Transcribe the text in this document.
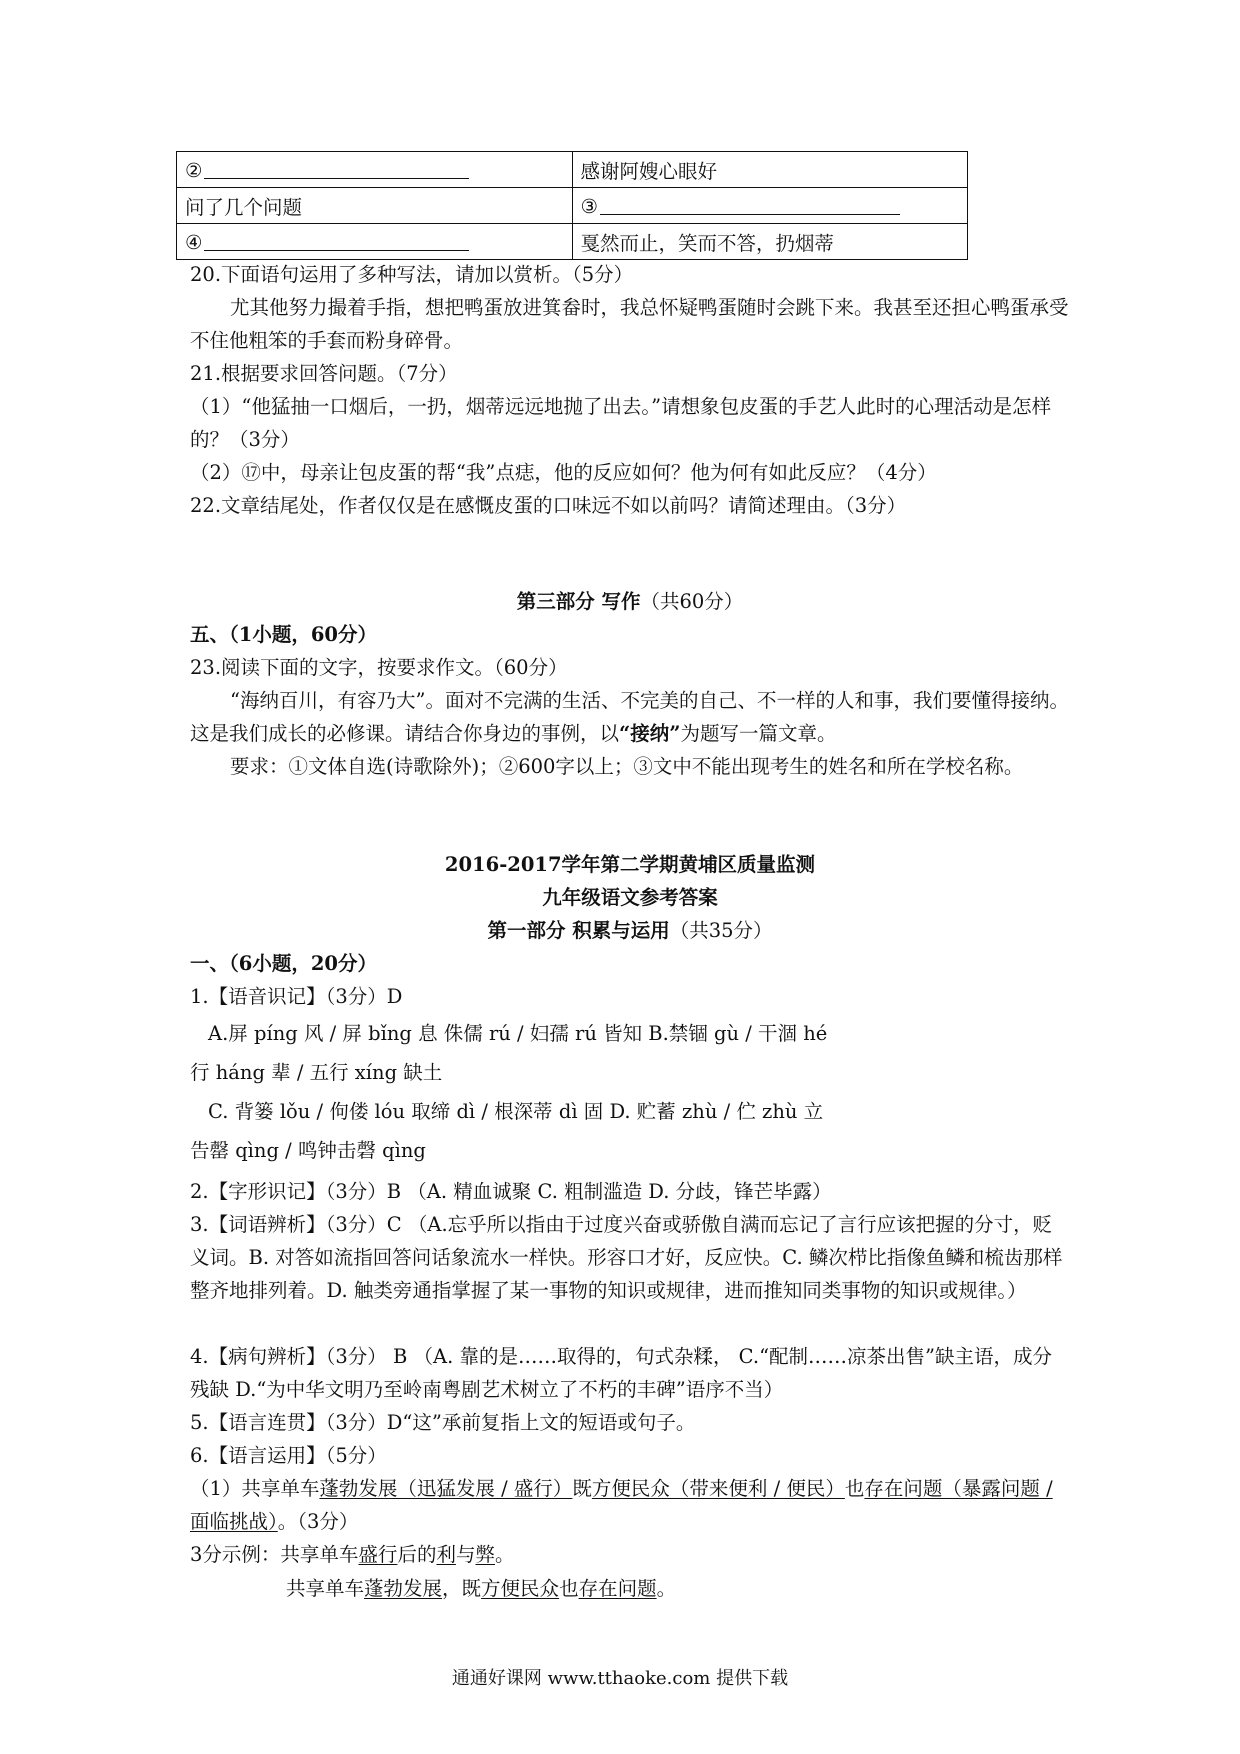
②	感谢阿嫂心眼好
问了几个问题	③
④	戛然而止，笑而不答，扔烟蒂
20.下面语句运用了多种写法，请加以赏析。（5分）
尤其他努力撮着手指，想把鸭蛋放进箕畚时，我总怀疑鸭蛋随时会跳下来。我甚至还担心鸭蛋承受不住他粗笨的手套而粉身碎骨。
21.根据要求回答问题。（7分）
（1）“他猛抽一口烟后，一扔，烟蒂远远地抛了出去。”请想象包皮蛋的手艺人此时的心理活动是怎样的？（3分）
（2）⑰中，母亲让包皮蛋的帮“我”点痣，他的反应如何？他为何有如此反应？（4分）
22.文章结尾处，作者仅仅是在感慨皮蛋的口味远不如以前吗？请简述理由。（3分）
第三部分 写作（共60分）
五、（1小题，60分）
23.阅读下面的文字，按要求作文。（60分）
“海纳百川，有容乃大”。面对不完满的生活、不完美的自己、不一样的人和事，我们要懂得接纳。这是我们成长的必修课。请结合你身边的事例，以“接纳”为题写一篇文章。
要求：①文体自选(诗歌除外)；②600字以上；③文中不能出现考生的姓名和所在学校名称。
2016-2017学年第二学期黄埔区质量监测
九年级语文参考答案
第一部分 积累与运用（共35分）
一、（6小题，20分）
1.【语音识记】（3分）D
A.屏 píng 风 / 屏 bǐng 息 侏儒 rú / 妇孺 rú 皆知 B.禁锢 gù / 干涸 hé
行 háng 辈 / 五行 xíng 缺土
C. 背篓 lǒu / 佝偻 lóu 取缔 dì / 根深蒂 dì 固 D. 贮蓄 zhù / 伫 zhù 立
告罄 qìng / 鸣钟击磬 qìng
2.【字形识记】（3分）B （A. 精血诚聚 C. 粗制滥造 D. 分歧，锋芒毕露）
3.【词语辨析】（3分）C （A.忘乎所以指由于过度兴奋或骄傲自满而忘记了言行应该把握的分寸，贬义词。B. 对答如流指回答问话象流水一样快。形容口才好，反应快。C. 鳞次栉比指像鱼鳞和梳齿那样整齐地排列着。D. 触类旁通指掌握了某一事物的知识或规律，进而推知同类事物的知识或规律。）
4.【病句辨析】（3分） B （A. 靠的是……取得的，句式杂糅， C.“配制……凉茶出售”缺主语，成分残缺 D.“为中华文明乃至岭南粤剧艺术树立了不朽的丰碑”语序不当）
5.【语言连贯】（3分）D“这”承前复指上文的短语或句子。
6.【语言运用】（5分）
（1）共享单车蓬勃发展（迅猛发展 / 盛行）既方便民众（带来便利 / 便民）也存在问题（暴露问题 / 面临挑战）。（3分）
3分示例：共享单车盛行后的利与弊。
共享单车蓬勃发展，既方便民众也存在问题。
通通好课网 www.tthaoke.com 提供下载
